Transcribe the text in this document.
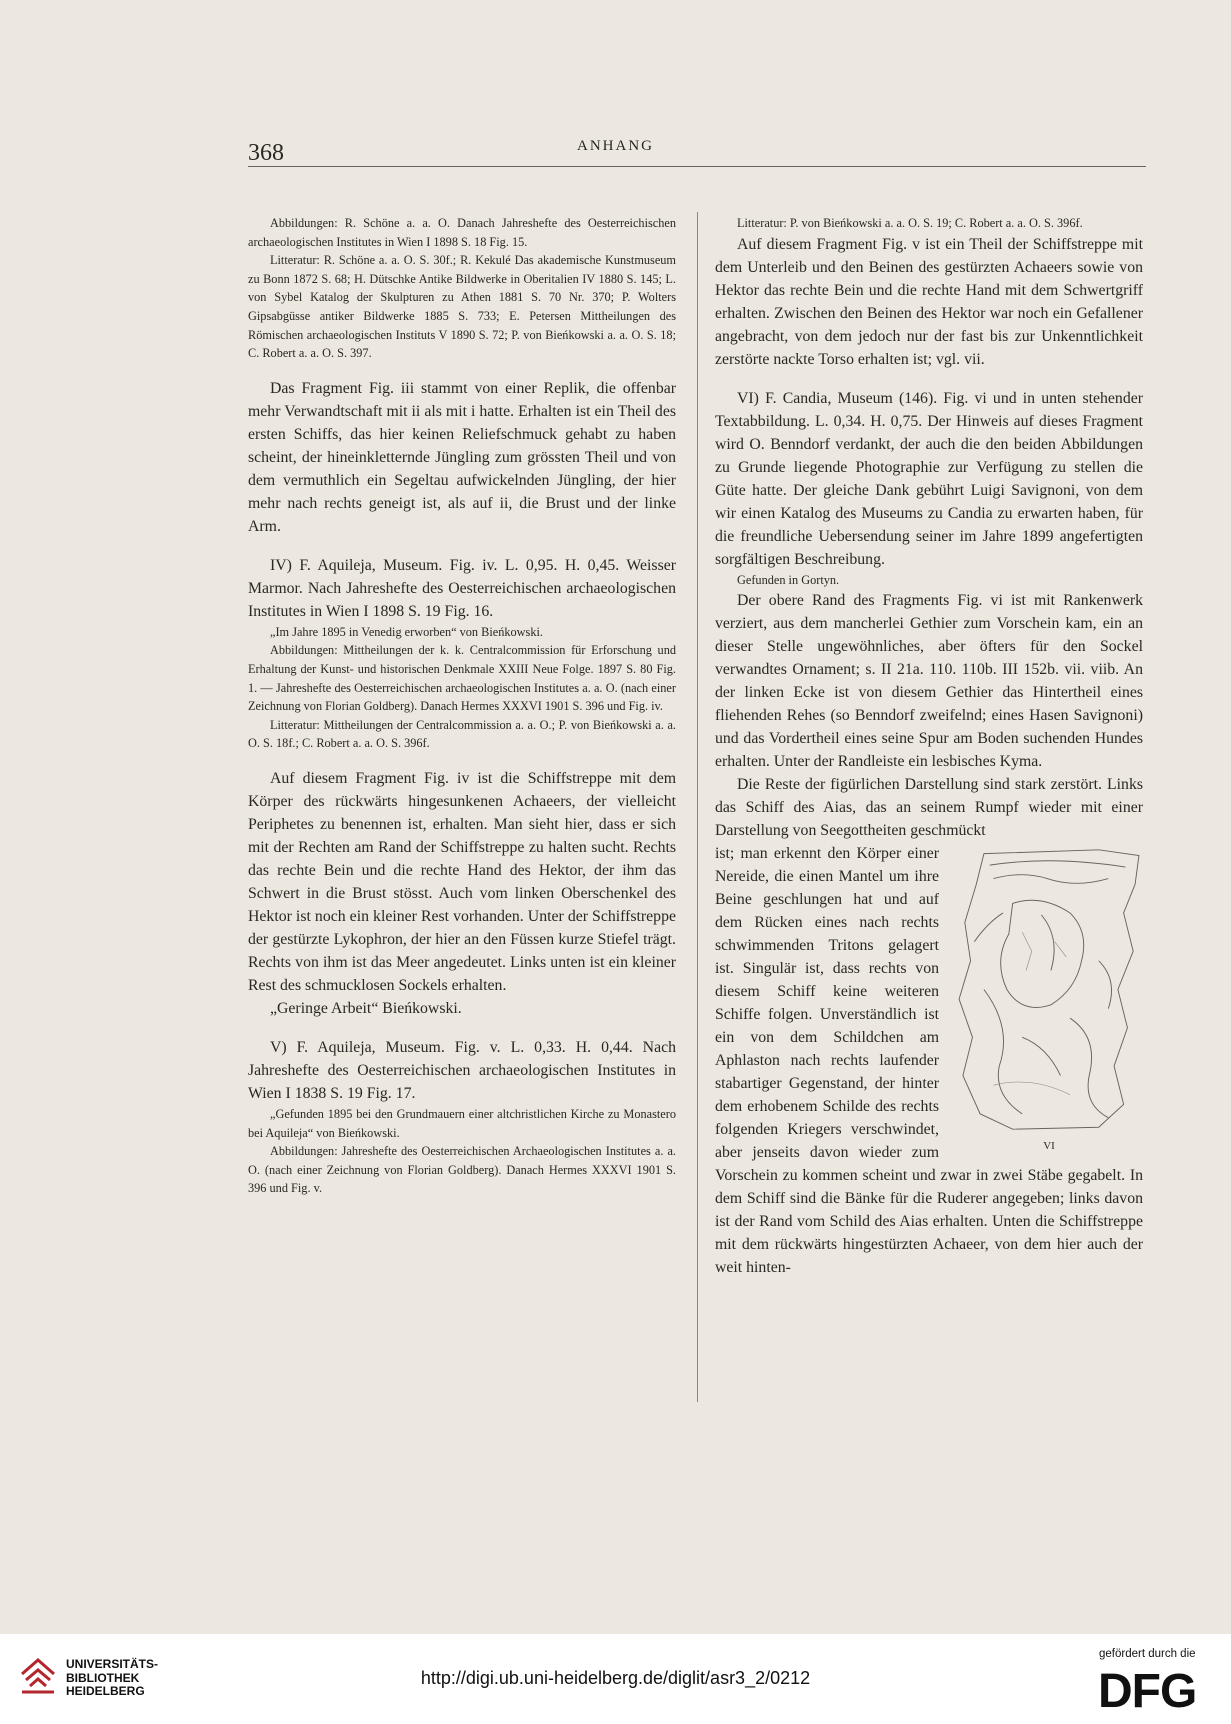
368	ANHANG

Abbildungen: R. Schöne a. a. O. Danach Jahreshefte des Oesterreichischen archaeologischen Institutes in Wien I 1898 S. 18 Fig. 15.

Litteratur: R. Schöne a. a. O. S. 30f.; R. Kekulé Das akademische Kunstmuseum zu Bonn 1872 S. 68; H. Dütschke Antike Bildwerke in Oberitalien IV 1880 S. 145; L. von Sybel Katalog der Skulpturen zu Athen 1881 S. 70 Nr. 370; P. Wolters Gipsabgüsse antiker Bildwerke 1885 S. 733; E. Petersen Mittheilungen des Römischen archaeologischen Instituts V 1890 S. 72; P. von Bieńkowski a. a. O. S. 18; C. Robert a. a. O. S. 397.

Das Fragment Fig. iii stammt von einer Replik, die offenbar mehr Verwandtschaft mit ii als mit i hatte. Erhalten ist ein Theil des ersten Schiffs, das hier keinen Reliefschmuck gehabt zu haben scheint, der hineinkletternde Jüngling zum grössten Theil und von dem vermuthlich ein Segeltau aufwickelnden Jüngling, der hier mehr nach rechts geneigt ist, als auf ii, die Brust und der linke Arm.

IV) F. Aquileja, Museum. Fig. iv. L. 0,95. H. 0,45. Weisser Marmor. Nach Jahreshefte des Oesterreichischen archaeologischen Institutes in Wien I 1898 S. 19 Fig. 16.

„Im Jahre 1895 in Venedig erworben“ von Bieńkowski.

Abbildungen: Mittheilungen der k. k. Centralcommission für Erforschung und Erhaltung der Kunst- und historischen Denkmale XXIII Neue Folge. 1897 S. 80 Fig. 1. — Jahreshefte des Oesterreichischen archaeologischen Institutes a. a. O. (nach einer Zeichnung von Florian Goldberg). Danach Hermes XXXVI 1901 S. 396 und Fig. iv.

Litteratur: Mittheilungen der Centralcommission a. a. O.; P. von Bieńkowski a. a. O. S. 18f.; C. Robert a. a. O. S. 396f.

Auf diesem Fragment Fig. iv ist die Schiffstreppe mit dem Körper des rückwärts hingesunkenen Achaeers, der vielleicht Periphetes zu benennen ist, erhalten. Man sieht hier, dass er sich mit der Rechten am Rand der Schiffstreppe zu halten sucht. Rechts das rechte Bein und die rechte Hand des Hektor, der ihm das Schwert in die Brust stösst. Auch vom linken Oberschenkel des Hektor ist noch ein kleiner Rest vorhanden. Unter der Schiffstreppe der gestürzte Lykophron, der hier an den Füssen kurze Stiefel trägt. Rechts von ihm ist das Meer angedeutet. Links unten ist ein kleiner Rest des schmucklosen Sockels erhalten.

„Geringe Arbeit“ Bieńkowski.

V) F. Aquileja, Museum. Fig. v. L. 0,33. H. 0,44. Nach Jahreshefte des Oesterreichischen archaeologischen Institutes in Wien I 1838 S. 19 Fig. 17.

„Gefunden 1895 bei den Grundmauern einer altchristlichen Kirche zu Monastero bei Aquileja“ von Bieńkowski.

Abbildungen: Jahreshefte des Oesterreichischen Archaeologischen Institutes a. a. O. (nach einer Zeichnung von Florian Goldberg). Danach Hermes XXXVI 1901 S. 396 und Fig. v.

Litteratur: P. von Bieńkowski a. a. O. S. 19; C. Robert a. a. O. S. 396f.

Auf diesem Fragment Fig. v ist ein Theil der Schiffstreppe mit dem Unterleib und den Beinen des gestürzten Achaeers sowie von Hektor das rechte Bein und die rechte Hand mit dem Schwertgriff erhalten. Zwischen den Beinen des Hektor war noch ein Gefallener angebracht, von dem jedoch nur der fast bis zur Unkenntlichkeit zerstörte nackte Torso erhalten ist; vgl. vii.

VI) F. Candia, Museum (146). Fig. vi und in unten stehender Textabbildung. L. 0,34. H. 0,75. Der Hinweis auf dieses Fragment wird O. Benndorf verdankt, der auch die den beiden Abbildungen zu Grunde liegende Photographie zur Verfügung zu stellen die Güte hatte. Der gleiche Dank gebührt Luigi Savignoni, von dem wir einen Katalog des Museums zu Candia zu erwarten haben, für die freundliche Uebersendung seiner im Jahre 1899 angefertigten sorgfältigen Beschreibung.

Gefunden in Gortyn.

Der obere Rand des Fragments Fig. vi ist mit Rankenwerk verziert, aus dem mancherlei Gethier zum Vorschein kam, ein an dieser Stelle ungewöhnliches, aber öfters für den Sockel verwandtes Ornament; s. II 21a. 110. 110b. III 152b. vii. viib. An der linken Ecke ist von diesem Gethier das Hintertheil eines fliehenden Rehes (so Benndorf zweifelnd; eines Hasen Savignoni) und das Vordertheil eines seine Spur am Boden suchenden Hundes erhalten. Unter der Randleiste ein lesbisches Kyma.

Die Reste der figürlichen Darstellung sind stark zerstört. Links das Schiff des Aias, das an seinem Rumpf wieder mit einer Darstellung von Seegottheiten geschmückt

VI
ist; man erkennt den Körper einer Nereide, die einen Mantel um ihre Beine geschlungen hat und auf dem Rücken eines nach rechts schwimmenden Tritons gelagert ist. Singulär ist, dass rechts von diesem Schiff keine weiteren Schiffe folgen. Unverständlich ist ein von dem Schildchen am Aphlaston nach rechts laufender stabartiger Gegenstand, der hinter dem erhobenem Schilde des rechts folgenden Kriegers verschwindet, aber jenseits davon wieder zum Vorschein zu kommen scheint und zwar in zwei Stäbe gegabelt. In dem Schiff sind die Bänke für die Ruderer angegeben; links davon ist der Rand vom Schild des Aias erhalten. Unten die Schiffstreppe mit dem rückwärts hingestürzten Achaeer, von dem hier auch der weit hinten-
UNIVERSITÄTS-
BIBLIOTHEK
HEIDELBERG
http://digi.ub.uni-heidelberg.de/diglit/asr3_2/0212
gefördert durch die
DFG
